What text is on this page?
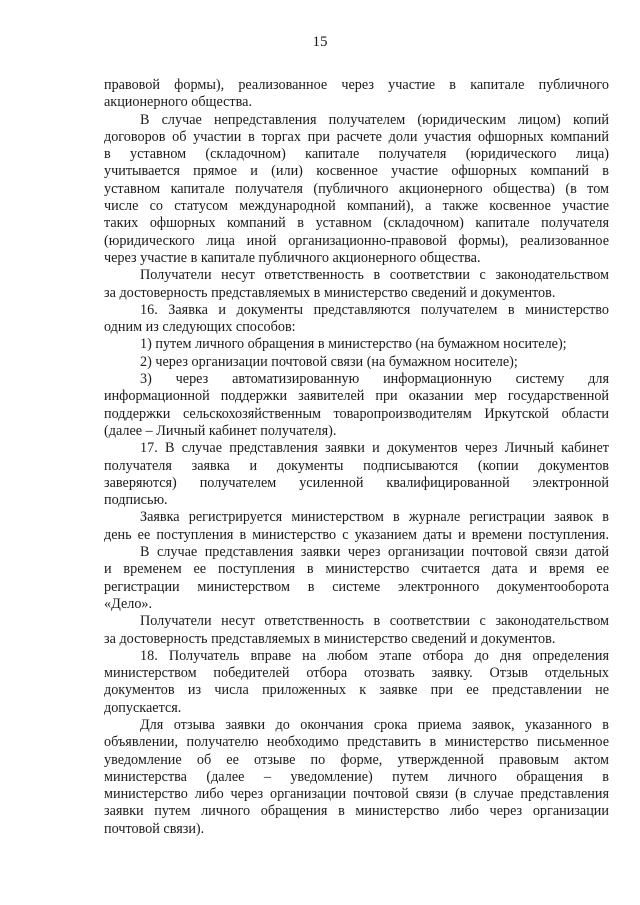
15
правовой формы), реализованное через участие в капитале публичного
акционерного общества.
В случае непредставления получателем (юридическим лицом) копий
договоров об участии в торгах при расчете доли участия офшорных компаний
в уставном (складочном) капитале получателя (юридического лица)
учитывается прямое и (или) косвенное участие офшорных компаний в
уставном капитале получателя (публичного акционерного общества) (в том
числе со статусом международной компаний), а также косвенное участие
таких офшорных компаний в уставном (складочном) капитале получателя
(юридического лица иной организационно-правовой формы), реализованное
через участие в капитале публичного акционерного общества.
Получатели несут ответственность в соответствии с законодательством
за достоверность представляемых в министерство сведений и документов.
16. Заявка и документы представляются получателем в министерство
одним из следующих способов:
1) путем личного обращения в министерство (на бумажном носителе);
2) через организации почтовой связи (на бумажном носителе);
3) через автоматизированную информационную систему для
информационной поддержки заявителей при оказании мер государственной
поддержки сельскохозяйственным товаропроизводителям Иркутской области
(далее – Личный кабинет получателя).
17. В случае представления заявки и документов через Личный кабинет
получателя заявка и документы подписываются (копии документов
заверяются) получателем усиленной квалифицированной электронной
подписью.
Заявка регистрируется министерством в журнале регистрации заявок в
день ее поступления в министерство с указанием даты и времени поступления.
В случае представления заявки через организации почтовой связи датой
и временем ее поступления в министерство считается дата и время ее
регистрации министерством в системе электронного документооборота
«Дело».
Получатели несут ответственность в соответствии с законодательством
за достоверность представляемых в министерство сведений и документов.
18. Получатель вправе на любом этапе отбора до дня определения
министерством победителей отбора отозвать заявку. Отзыв отдельных
документов из числа приложенных к заявке при ее представлении не
допускается.
Для отзыва заявки до окончания срока приема заявок, указанного в
объявлении, получателю необходимо представить в министерство письменное
уведомление об ее отзыве по форме, утвержденной правовым актом
министерства (далее – уведомление) путем личного обращения в
министерство либо через организации почтовой связи (в случае представления
заявки путем личного обращения в министерство либо через организации
почтовой связи).
